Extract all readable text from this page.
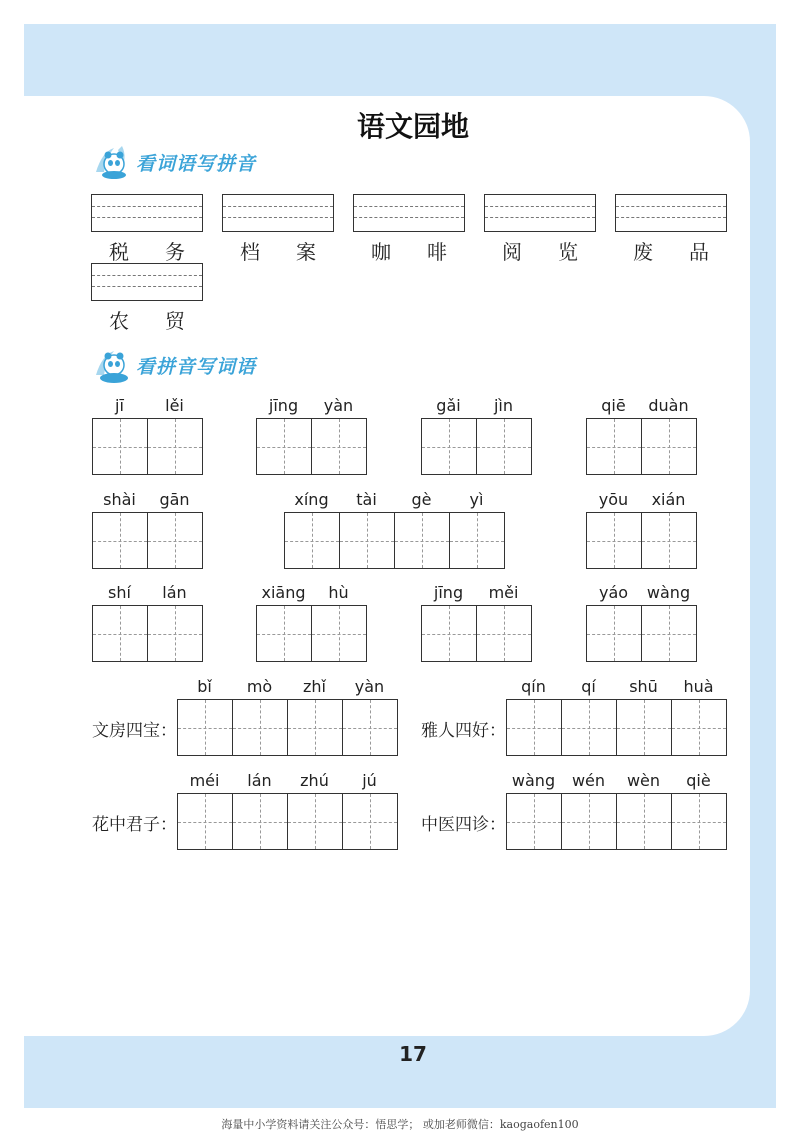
语文园地
看词语写拼音
税 务	档 案	咖 啡	阅 览	废 品
农 贸
看拼音写词语
jī	lěi	jīng	yàn	gǎi	jìn	qiē	duàn
shài	gān	xíng	tài	gè	yì	yōu	xián
shí	lán	xiāng	hù	jīng	měi	yáo	wàng
文房四宝：
bǐ	mò	zhǐ	yàn
雅人四好：
qín	qí	shū	huà
花中君子：
méi	lán	zhú	jú
中医四诊：
wàng	wén	wèn	qiè
17
海量中小学资料请关注公众号：悟思学； 或加老师微信：kaogaofen100
